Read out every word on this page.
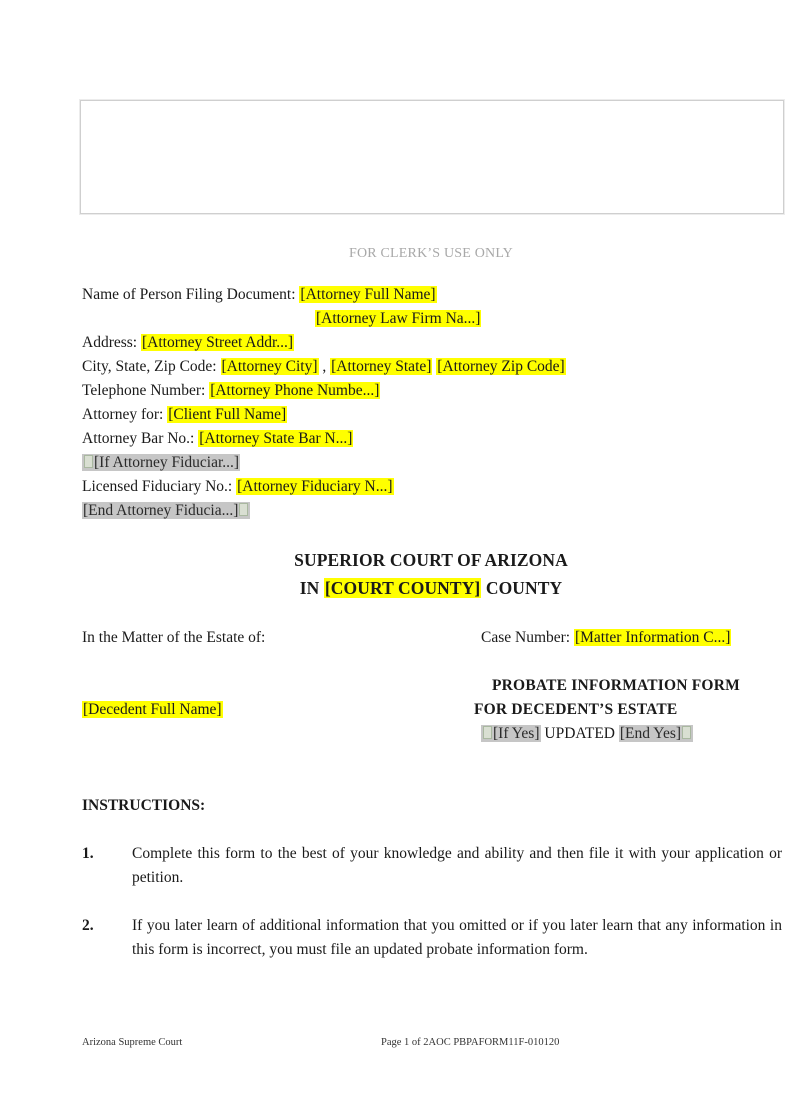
FOR CLERK’S USE ONLY
Name of Person Filing Document: [Attorney Full Name]
[Attorney Law Firm Na...]
Address: [Attorney Street Addr...]
City, State, Zip Code: [Attorney City] , [Attorney State] [Attorney Zip Code]
Telephone Number: [Attorney Phone Numbe...]
Attorney for: [Client Full Name]
Attorney Bar No.: [Attorney State Bar N...]
[If Attorney Fiduciar...]
Licensed Fiduciary No.: [Attorney Fiduciary N...]
[End Attorney Fiducia...]
SUPERIOR COURT OF ARIZONA
IN [COURT COUNTY] COUNTY
In the Matter of the Estate of:	Case Number: [Matter Information C...]
[Decedent Full Name]
PROBATE INFORMATION FORM
FOR DECEDENT’S ESTATE
[If Yes] UPDATED [End Yes]
INSTRUCTIONS:
1. Complete this form to the best of your knowledge and ability and then file it with your application or petition.
2. If you later learn of additional information that you omitted or if you later learn that any information in this form is incorrect, you must file an updated probate information form.
Arizona Supreme Court	Page 1 of 2AOC PBPAFORM11F-010120
